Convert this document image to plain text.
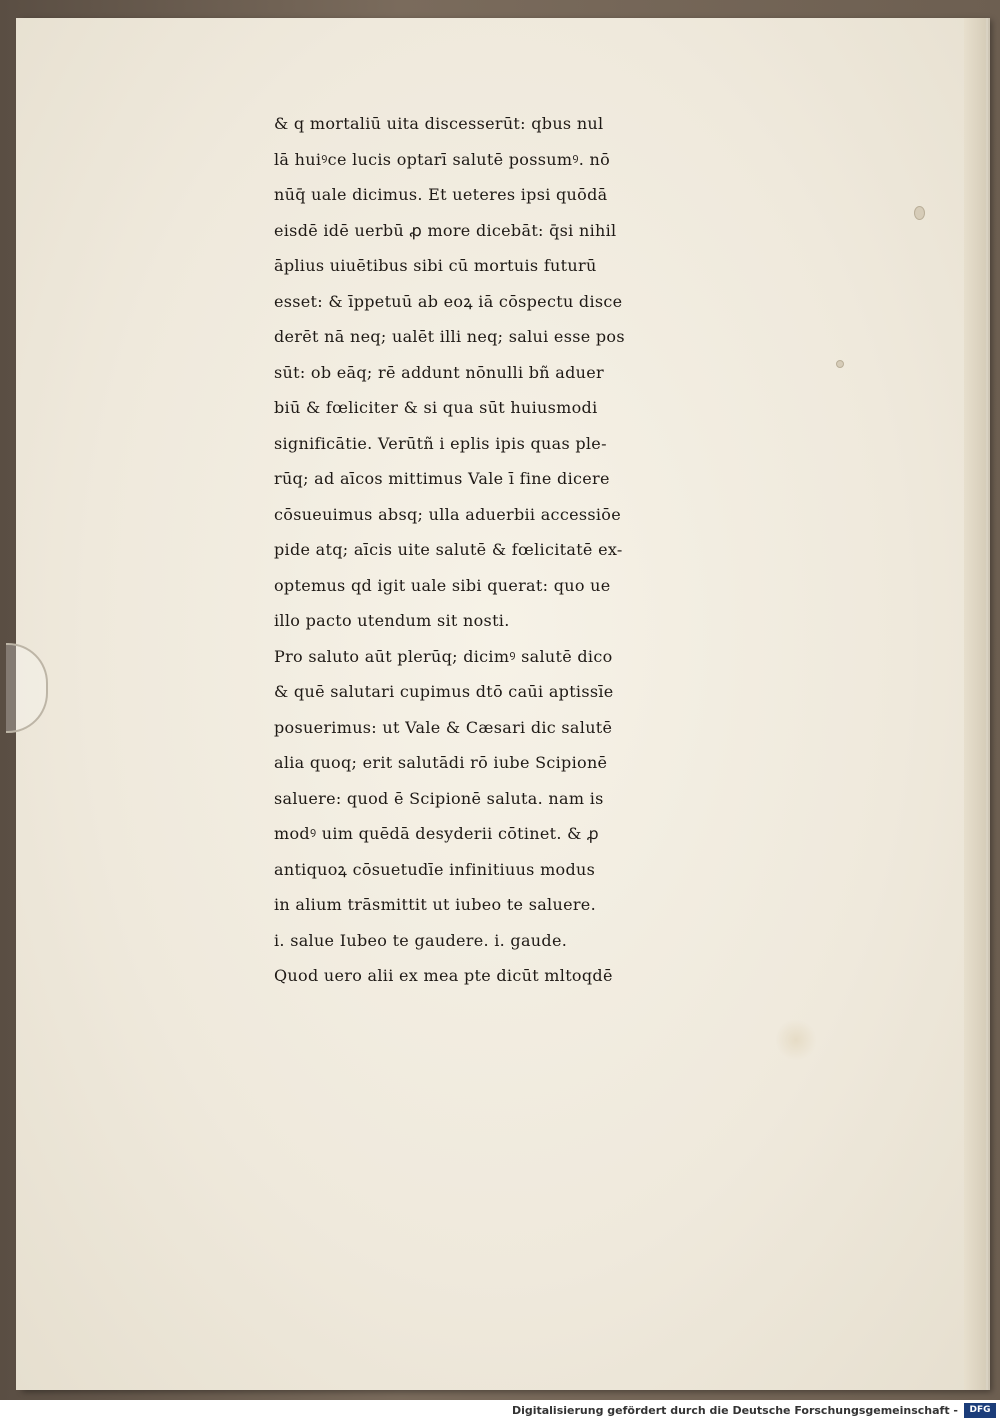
& q mortaliū uita discesserūt: qbus nul
lā huiꝰce lucis optarī salutē possumꝰ. nō
nūq̄ uale dicimus. Et ueteres ipsi quōdā
eisdē idē uerbū ꝓ more dicebāt: q̄si nihil
āplius uiuētibus sibi cū mortuis futurū
esset: & īppetuū ab eoꝝ iā cōspectu disce
derēt nā neq; ualēt illi neq; salui esse pos
sūt: ob eāq; rē addunt nōnulli bñ aduer
biū & fœliciter & si qua sūt huiusmodi
significātie. Verūtñ i eplis ipis quas ple-
rūq; ad aīcos mittimus Vale ī fine dicere
cōsueuimus absq; ulla aduerbii accessiōe
pide atq; aīcis uite salutē & fœlicitatē ex-
optemus qd igit uale sibi querat: quo ue
illo pacto utendum sit nosti.
Pro saluto aūt plerūq; dicimꝰ salutē dico
& quē salutari cupimus dtō caūi aptissīe
posuerimus: ut Vale & Cæsari dic salutē
alia quoq; erit salutādi rō iube Scipionē
saluere: quod ē Scipionē saluta. nam is
modꝰ uim quēdā desyderii cōtinet. & ꝓ
antiquoꝝ cōsuetudīe infinitiuus modus
in alium trāsmittit ut iubeo te saluere.
i. salue Iubeo te gaudere. i. gaude.
Quod uero alii ex mea pte dicūt mltoqdē
Digitalisierung gefördert durch die Deutsche Forschungsgemeinschaft -	DFG
